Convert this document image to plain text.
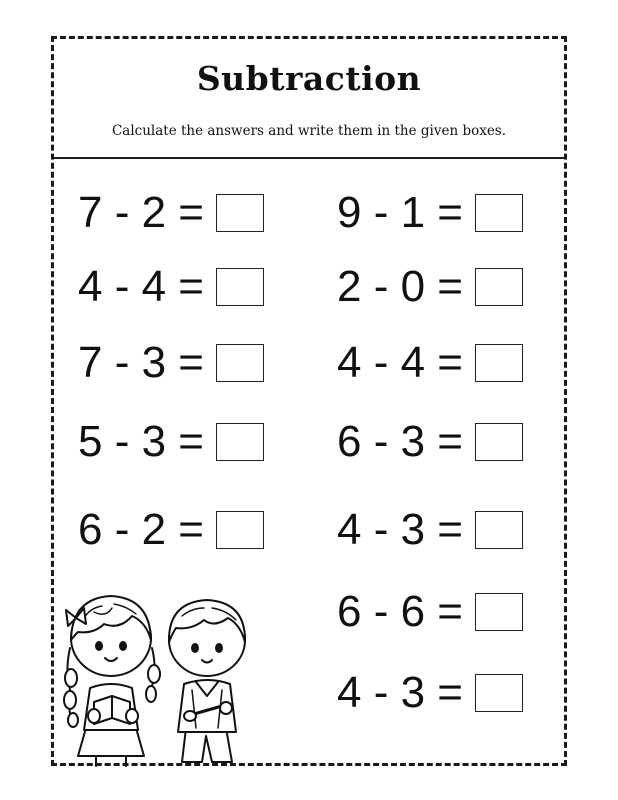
Subtraction
Calculate the answers and write them in the given boxes.
7 - 2 =
4 - 4 =
7 - 3 =
5 - 3 =
6 - 2 =
9 - 1 =
2 - 0 =
4 - 4 =
6 - 3 =
4 - 3 =
6 - 6 =
4 - 3 =
